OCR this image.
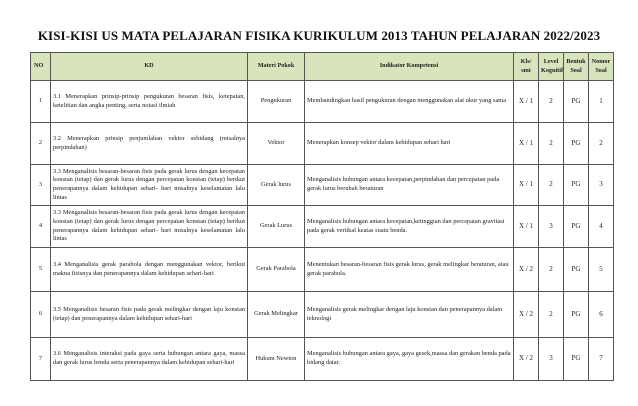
KISI-KISI US MATA PELAJARAN FISIKA KURIKULUM 2013 TAHUN PELAJARAN 2022/2023
NO	KD	Materi Pokok	Indikator Kompetensi	Kls/ smt	Level Kognitif	Bentuk Soal	Nomor Soal
1	3.1 Menerapkan prinsip-prinsip pengukuran besaran fisis, ketepatan, ketelitian dan angka penting, serta notasi ilmiah	Pengukuran	Membandingkan hasil pengukuran dengan menggunakan alat ukur yang sama	X / 1	2	PG	1
2	3.2 Menerapkan prinsip penjumlahan vektor sebidang (misalnya perpindahan)	Vektor	Menerapkan konsep vektor dalam kehidupan sehari hari	X / 1	2	PG	2
3	3.3 Menganalisis besaran-besaran fisis pada gerak lurus dengan kecepatan konstan (tetap) dan gerak lurus dengan percepatan konstan (tetap) berikut penerapannya dalam kehidupan sehari- hari misalnya keselamatan lalu lintas	Gerak lurus	Menganalisis hubungan antara kecepatan,perpindahan dan percepatan pada gerak lurus berubah beraturan	X / 1	2	PG	3
4	3.3 Menganalisis besaran-besaran fisis pada gerak lurus dengan kecepatan konstan (tetap) dan gerak lurus dengan percepatan konstan (tetap) berikut penerapannya dalam kehidupan sehari- hari misalnya keselamatan lalu lintas	Gerak Lurus	Menganalisis hubungan antara kecepatan,ketinggian dan percepatan gravitasi pada gerak vertikal keatas suatu benda.	X / 1	3	PG	4
5	3.4 Menganalisis gerak parabola dengan menggunakan vektor, berikut makna fisisnya dan penerapannya dalam kehidupan sehari-hari	Gerak Parabola	Menentukan besaran-besaran fisis gerak lurus, gerak melingkar beraturan, atau gerak parabola.	X / 2	2	PG	5
6	3.5 Menganalisis besaran fisis pada gerak melingkar dengan laju konstan (tetap) dan penerapannya dalam kehidupan sehari-hari	Gerak Melingkar	Menganalisis gerak melingkar dengan laju konstan dan penerapannya dalam teknologi	X / 2	2	PG	6
7	3.6 Menganalisis interaksi pada gaya serta hubungan antara gaya, massa dan gerak lurus benda serta penerapannya dalam kehidupan sehari-hari	Hukum Newton	Menganalisis hubungan antara gaya, gaya gesek,massa dan gerakan benda pada bidang datar.	X / 2	3	PG	7
